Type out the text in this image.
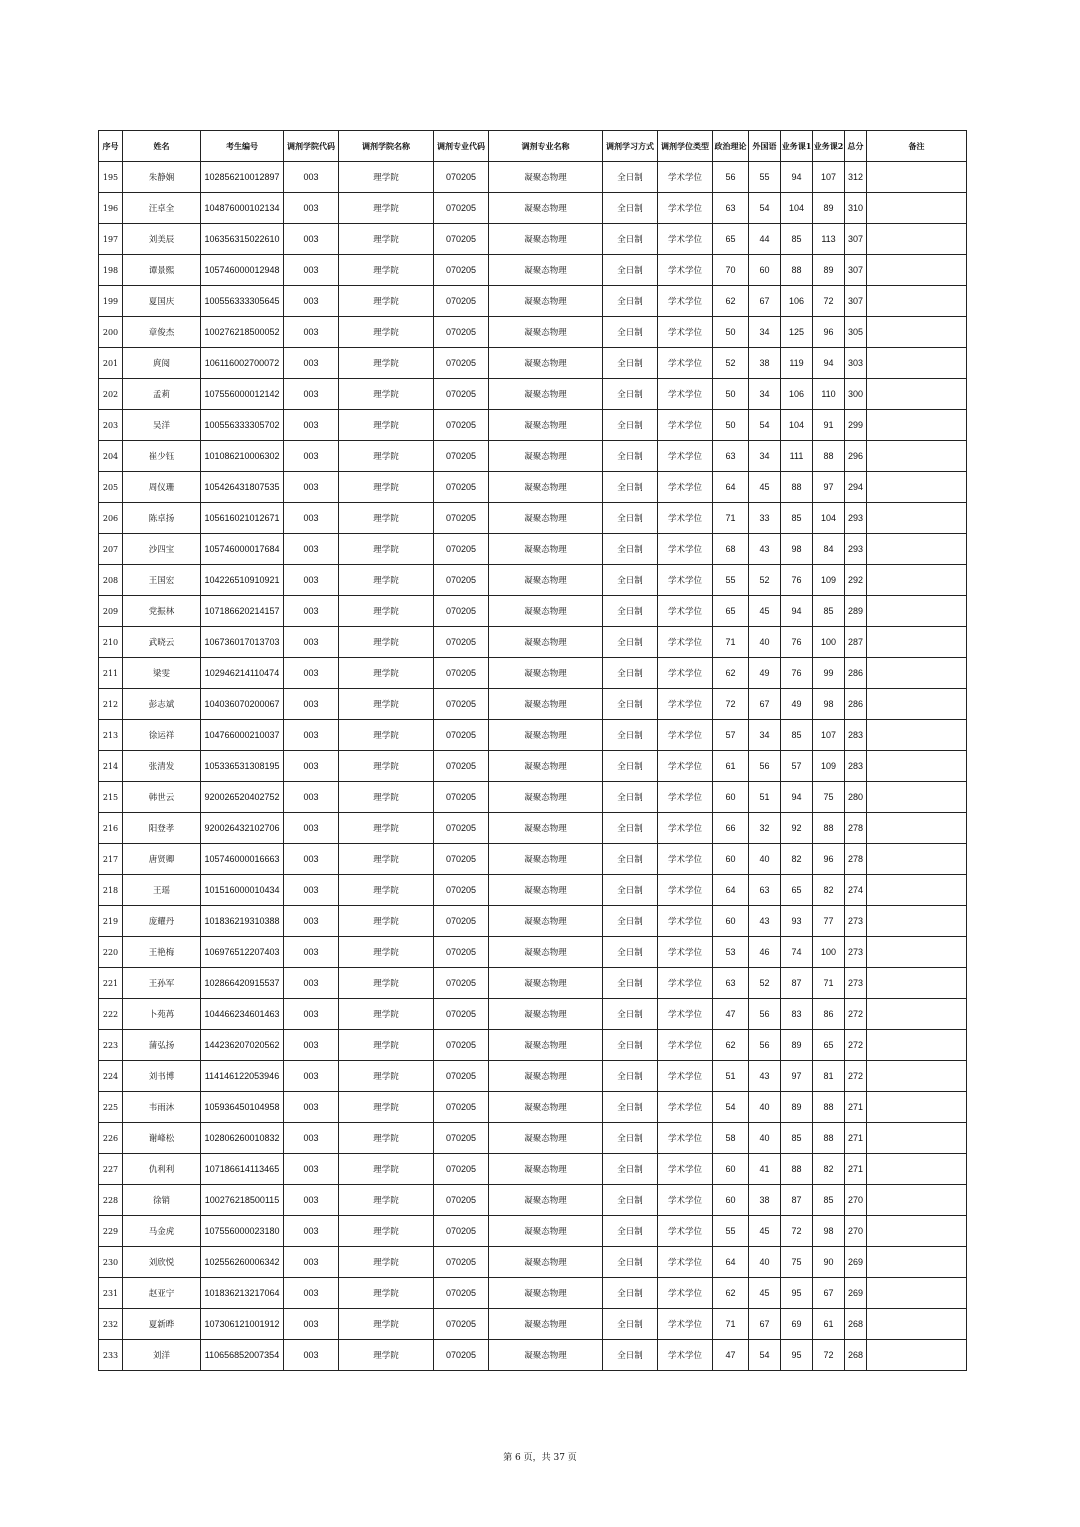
序号	姓名	考生编号	调剂学院代码	调剂学院名称	调剂专业代码	调剂专业名称	调剂学习方式	调剂学位类型	政治理论	外国语	业务课1	业务课2	总分	备注
195	朱静娴	102856210012897	003	理学院	070205	凝聚态物理	全日制	学术学位	56	55	94	107	312	
196	汪卓全	104876000102134	003	理学院	070205	凝聚态物理	全日制	学术学位	63	54	104	89	310	
197	刘美辰	106356315022610	003	理学院	070205	凝聚态物理	全日制	学术学位	65	44	85	113	307	
198	谭景熙	105746000012948	003	理学院	070205	凝聚态物理	全日制	学术学位	70	60	88	89	307	
199	夏国庆	100556333305645	003	理学院	070205	凝聚态物理	全日制	学术学位	62	67	106	72	307	
200	章俊杰	100276218500052	003	理学院	070205	凝聚态物理	全日制	学术学位	50	34	125	96	305	
201	庹阅	106116002700072	003	理学院	070205	凝聚态物理	全日制	学术学位	52	38	119	94	303	
202	孟莉	107556000012142	003	理学院	070205	凝聚态物理	全日制	学术学位	50	34	106	110	300	
203	吴洋	100556333305702	003	理学院	070205	凝聚态物理	全日制	学术学位	50	54	104	91	299	
204	崔少钰	101086210006302	003	理学院	070205	凝聚态物理	全日制	学术学位	63	34	111	88	296	
205	周仪珊	105426431807535	003	理学院	070205	凝聚态物理	全日制	学术学位	64	45	88	97	294	
206	陈卓扬	105616021012671	003	理学院	070205	凝聚态物理	全日制	学术学位	71	33	85	104	293	
207	沙四宝	105746000017684	003	理学院	070205	凝聚态物理	全日制	学术学位	68	43	98	84	293	
208	王国宏	104226510910921	003	理学院	070205	凝聚态物理	全日制	学术学位	55	52	76	109	292	
209	党振林	107186620214157	003	理学院	070205	凝聚态物理	全日制	学术学位	65	45	94	85	289	
210	武晓云	106736017013703	003	理学院	070205	凝聚态物理	全日制	学术学位	71	40	76	100	287	
211	梁雯	102946214110474	003	理学院	070205	凝聚态物理	全日制	学术学位	62	49	76	99	286	
212	彭志斌	104036070200067	003	理学院	070205	凝聚态物理	全日制	学术学位	72	67	49	98	286	
213	徐运祥	104766000210037	003	理学院	070205	凝聚态物理	全日制	学术学位	57	34	85	107	283	
214	张清发	105336531308195	003	理学院	070205	凝聚态物理	全日制	学术学位	61	56	57	109	283	
215	韩世云	920026520402752	003	理学院	070205	凝聚态物理	全日制	学术学位	60	51	94	75	280	
216	阳登孝	920026432102706	003	理学院	070205	凝聚态物理	全日制	学术学位	66	32	92	88	278	
217	唐贤卿	105746000016663	003	理学院	070205	凝聚态物理	全日制	学术学位	60	40	82	96	278	
218	王瑶	101516000010434	003	理学院	070205	凝聚态物理	全日制	学术学位	64	63	65	82	274	
219	庞耀丹	101836219310388	003	理学院	070205	凝聚态物理	全日制	学术学位	60	43	93	77	273	
220	王艳梅	106976512207403	003	理学院	070205	凝聚态物理	全日制	学术学位	53	46	74	100	273	
221	王孙军	102866420915537	003	理学院	070205	凝聚态物理	全日制	学术学位	63	52	87	71	273	
222	卜苑苒	104466234601463	003	理学院	070205	凝聚态物理	全日制	学术学位	47	56	83	86	272	
223	蒲弘扬	144236207020562	003	理学院	070205	凝聚态物理	全日制	学术学位	62	56	89	65	272	
224	刘书博	114146122053946	003	理学院	070205	凝聚态物理	全日制	学术学位	51	43	97	81	272	
225	韦雨沐	105936450104958	003	理学院	070205	凝聚态物理	全日制	学术学位	54	40	89	88	271	
226	谢峰松	102806260010832	003	理学院	070205	凝聚态物理	全日制	学术学位	58	40	85	88	271	
227	仇利利	107186614113465	003	理学院	070205	凝聚态物理	全日制	学术学位	60	41	88	82	271	
228	徐销	100276218500115	003	理学院	070205	凝聚态物理	全日制	学术学位	60	38	87	85	270	
229	马金虎	107556000023180	003	理学院	070205	凝聚态物理	全日制	学术学位	55	45	72	98	270	
230	刘欣悦	102556260006342	003	理学院	070205	凝聚态物理	全日制	学术学位	64	40	75	90	269	
231	赵亚宁	101836213217064	003	理学院	070205	凝聚态物理	全日制	学术学位	62	45	95	67	269	
232	夏新晔	107306121001912	003	理学院	070205	凝聚态物理	全日制	学术学位	71	67	69	61	268	
233	刘洋	110656852007354	003	理学院	070205	凝聚态物理	全日制	学术学位	47	54	95	72	268	
第 6 页，共 37 页
